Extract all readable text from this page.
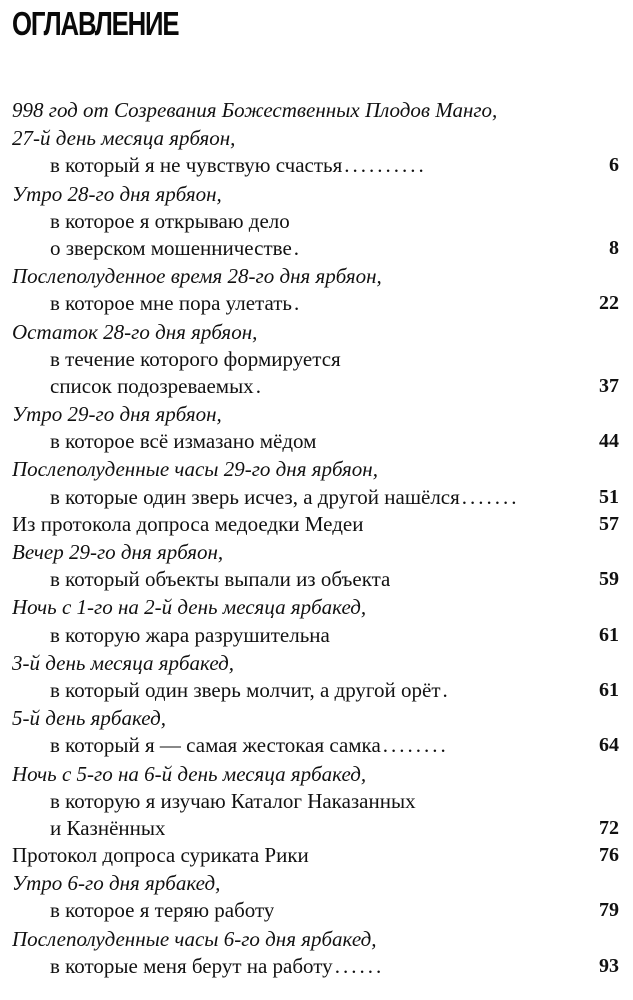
ОГЛАВЛЕНИЕ
998 год от Созревания Божественных Плодов Манго,
27-й день месяца ярбяон,
в который я не чувствую счастья..........	6
Утро 28-го дня ярбяон,
в которое я открываю дело
о зверском мошенничестве.	8
Послеполуденное время 28-го дня ярбяон,
в которое мне пора улетать.	22
Остаток 28-го дня ярбяон,
в течение которого формируется
список подозреваемых.	37
Утро 29-го дня ярбяон,
в которое всё измазано мёдом	44
Послеполуденные часы 29-го дня ярбяон,
в которые один зверь исчез, а другой нашёлся.......	51
Из протокола допроса медоедки Медеи	57
Вечер 29-го дня ярбяон,
в который объекты выпали из объекта	59
Ночь с 1-го на 2-й день месяца ярбакед,
в которую жара разрушительна	61
3-й день месяца ярбакед,
в который один зверь молчит, а другой орёт.	61
5-й день ярбакед,
в который я — самая жестокая самка........	64
Ночь с 5-го на 6-й день месяца ярбакед,
в которую я изучаю Каталог Наказанных
и Казнённых	72
Протокол допроса суриката Рики	76
Утро 6-го дня ярбакед,
в которое я теряю работу	79
Послеполуденные часы 6-го дня ярбакед,
в которые меня берут на работу......	93
